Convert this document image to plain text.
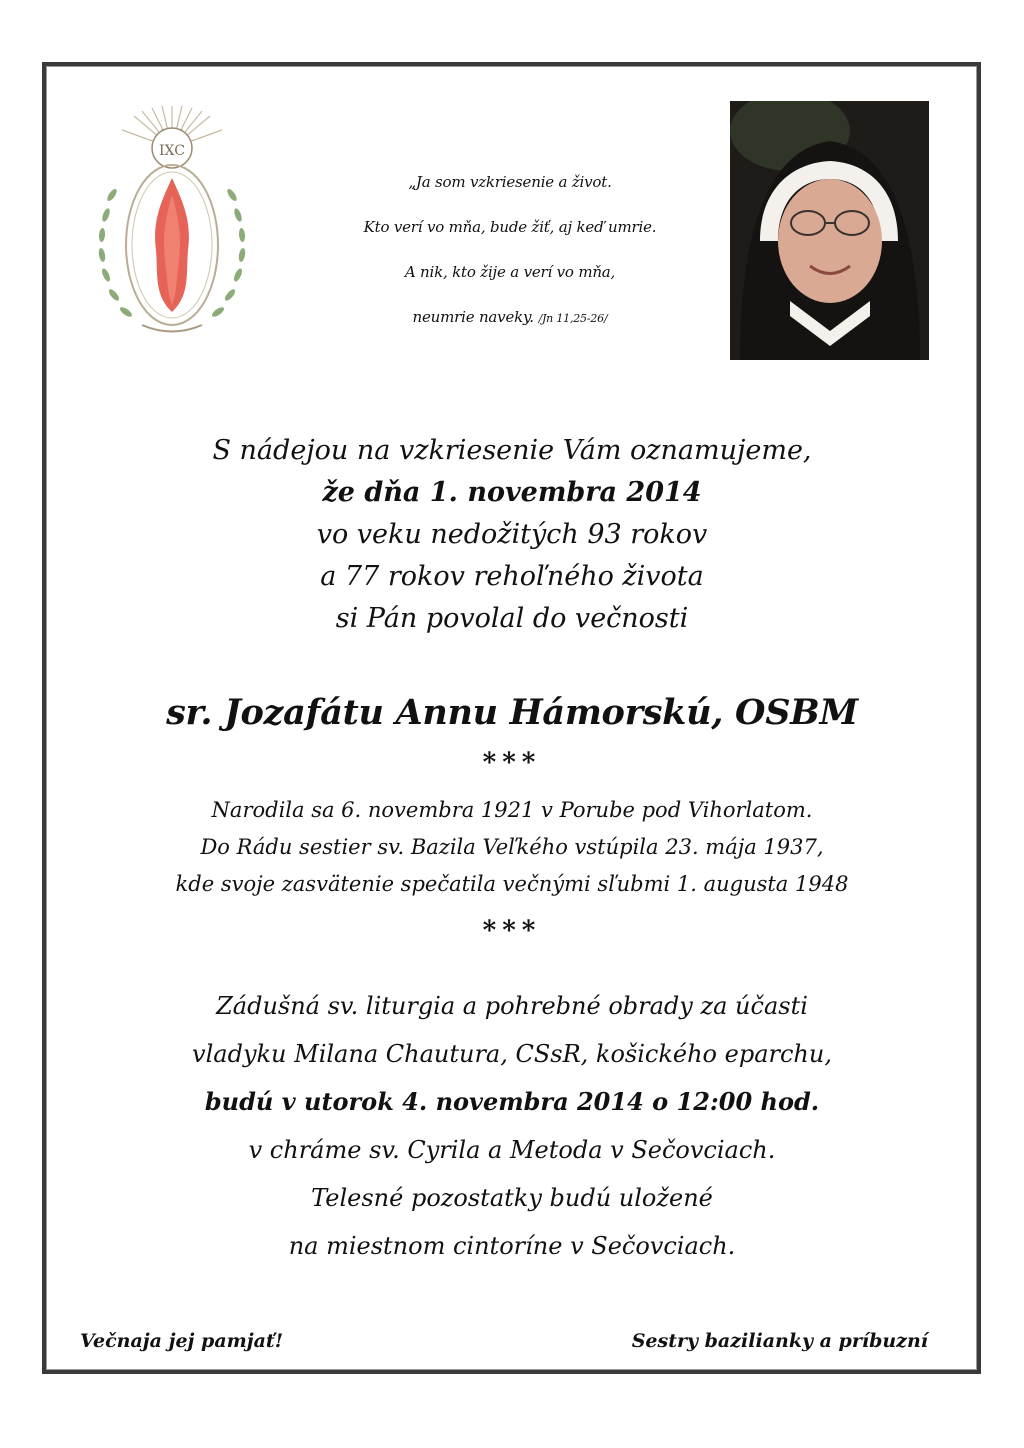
IXC
„Ja som vzkriesenie a život.
Kto verí vo mňa, bude žiť, aj keď umrie.
A nik, kto žije a verí vo mňa,
neumrie naveky. /Jn 11,25-26/
S nádejou na vzkriesenie Vám oznamujeme,
že dňa 1. novembra 2014
vo veku nedožitých 93 rokov
a 77 rokov rehoľného života
si Pán povolal do večnosti
sr. Jozafátu Annu Hámorskú, OSBM
***
Narodila sa 6. novembra 1921 v Porube pod Vihorlatom.
Do Rádu sestier sv. Bazila Veľkého vstúpila 23. mája 1937,
kde svoje zasvätenie spečatila večnými sľubmi 1. augusta 1948
***
Zádušná sv. liturgia a pohrebné obrady za účasti
vladyku Milana Chautura, CSsR, košického eparchu,
budú v utorok 4. novembra 2014 o 12:00 hod.
v chráme sv. Cyrila a Metoda v Sečovciach.
Telesné pozostatky budú uložené
na miestnom cintoríne v Sečovciach.
Večnaja jej pamjať!	Sestry bazilianky a príbuzní
